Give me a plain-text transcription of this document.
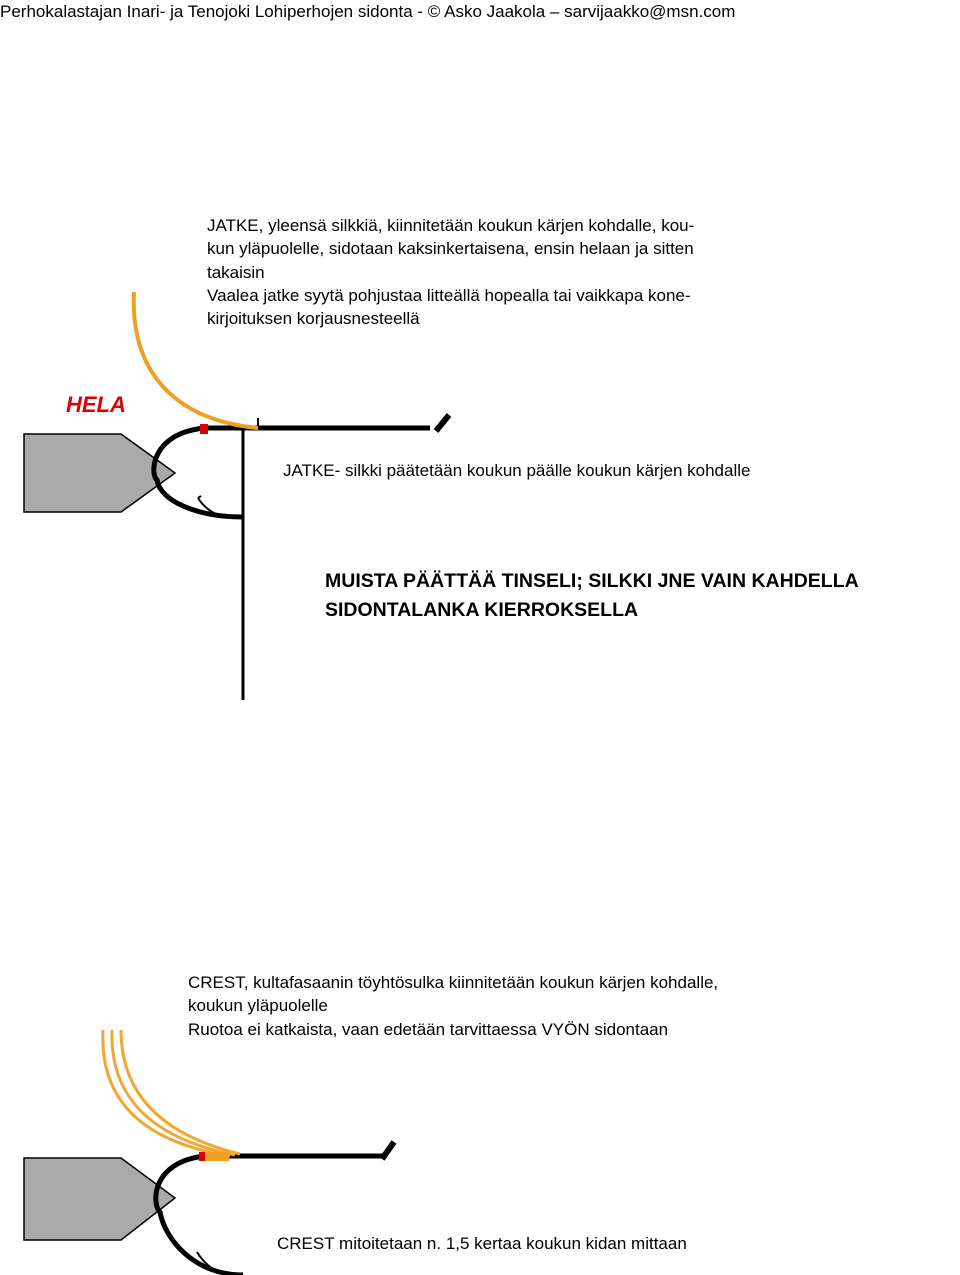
Perhokalastajan Inari- ja Tenojoki Lohiperhojen sidonta - © Asko Jaakola – sarvijaakko@msn.com
JATKE, yleensä silkkiä, kiinnitetään koukun kärjen kohdalle, kou-
kun yläpuolelle, sidotaan kaksinkertaisena, ensin helaan ja sitten
takaisin
Vaalea jatke syytä pohjustaa litteällä hopealla tai vaikkapa kone-
kirjoituksen korjausnesteellä
HELA
JATKE- silkki päätetään koukun päälle koukun kärjen kohdalle
MUISTA PÄÄTTÄÄ TINSELI; SILKKI JNE VAIN KAHDELLA
SIDONTALANKA KIERROKSELLA
CREST, kultafasaanin töyhtösulka kiinnitetään koukun kärjen kohdalle,
koukun yläpuolelle
Ruotoa ei katkaista, vaan edetään tarvittaessa VYÖN sidontaan
CREST mitoitetaan n. 1,5 kertaa koukun kidan mittaan
